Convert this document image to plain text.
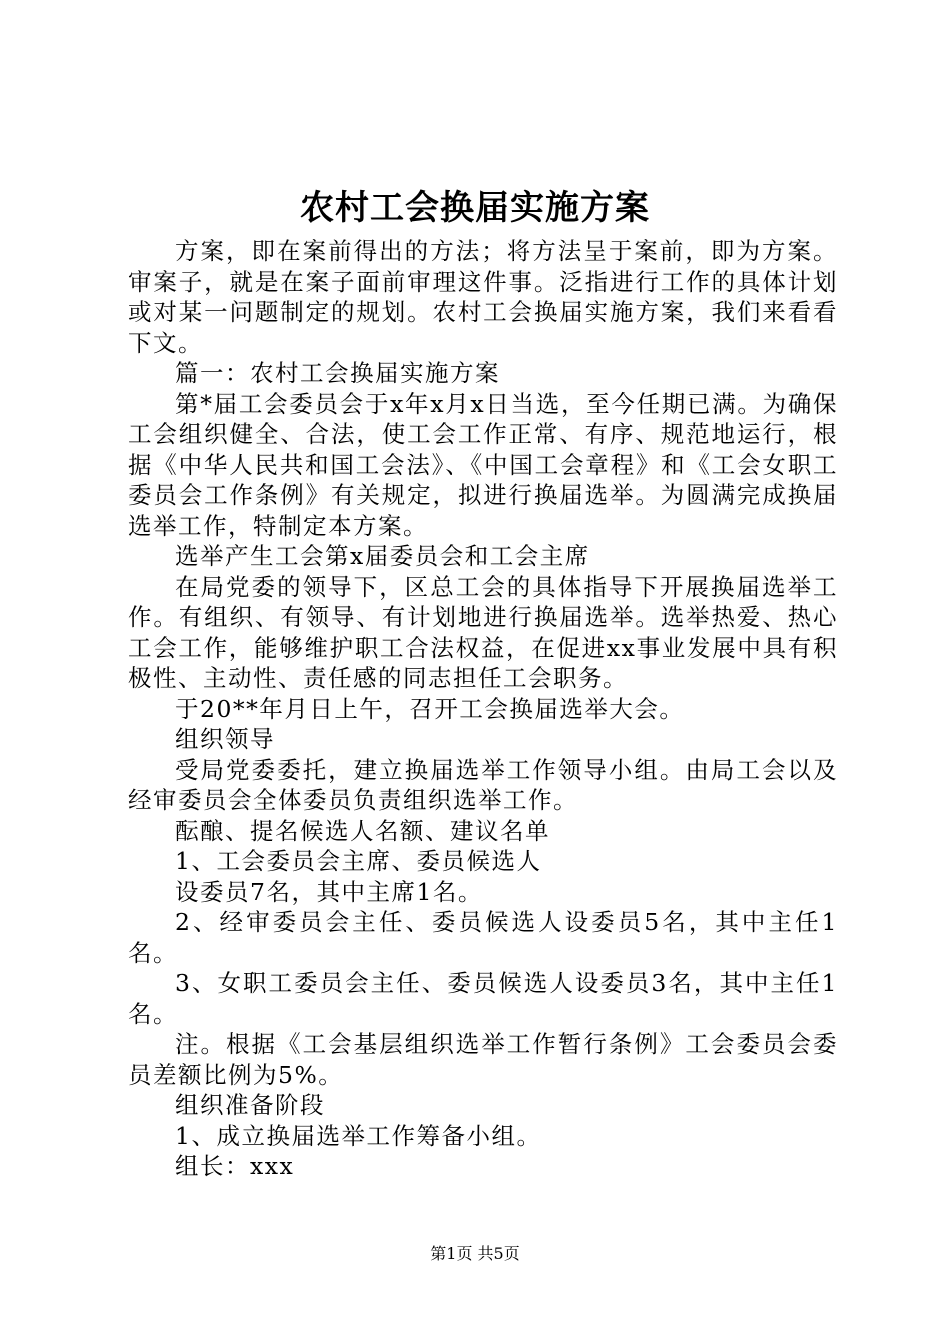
农村工会换届实施方案

方案，即在案前得出的方法；将方法呈于案前，即为方案。审案子，就是在案子面前审理这件事。泛指进行工作的具体计划或对某一问题制定的规划。农村工会换届实施方案，我们来看看下文。

篇一：农村工会换届实施方案

第*届工会委员会于x年x月x日当选，至今任期已满。为确保工会组织健全、合法，使工会工作正常、有序、规范地运行，根据《中华人民共和国工会法》、《中国工会章程》和《工会女职工委员会工作条例》有关规定，拟进行换届选举。为圆满完成换届选举工作，特制定本方案。

选举产生工会第x届委员会和工会主席

在局党委的领导下，区总工会的具体指导下开展换届选举工作。有组织、有领导、有计划地进行换届选举。选举热爱、热心工会工作，能够维护职工合法权益，在促进xx事业发展中具有积极性、主动性、责任感的同志担任工会职务。

于20**年月日上午，召开工会换届选举大会。

组织领导

受局党委委托，建立换届选举工作领导小组。由局工会以及经审委员会全体委员负责组织选举工作。

酝酿、提名候选人名额、建议名单

1、工会委员会主席、委员候选人

设委员7名，其中主席1名。

2、经审委员会主任、委员候选人设委员5名，其中主任1名。

3、女职工委员会主任、委员候选人设委员3名，其中主任1名。

注。根据《工会基层组织选举工作暂行条例》工会委员会委员差额比例为5%。

组织准备阶段

1、成立换届选举工作筹备小组。

组长：xxx

第1页 共5页
